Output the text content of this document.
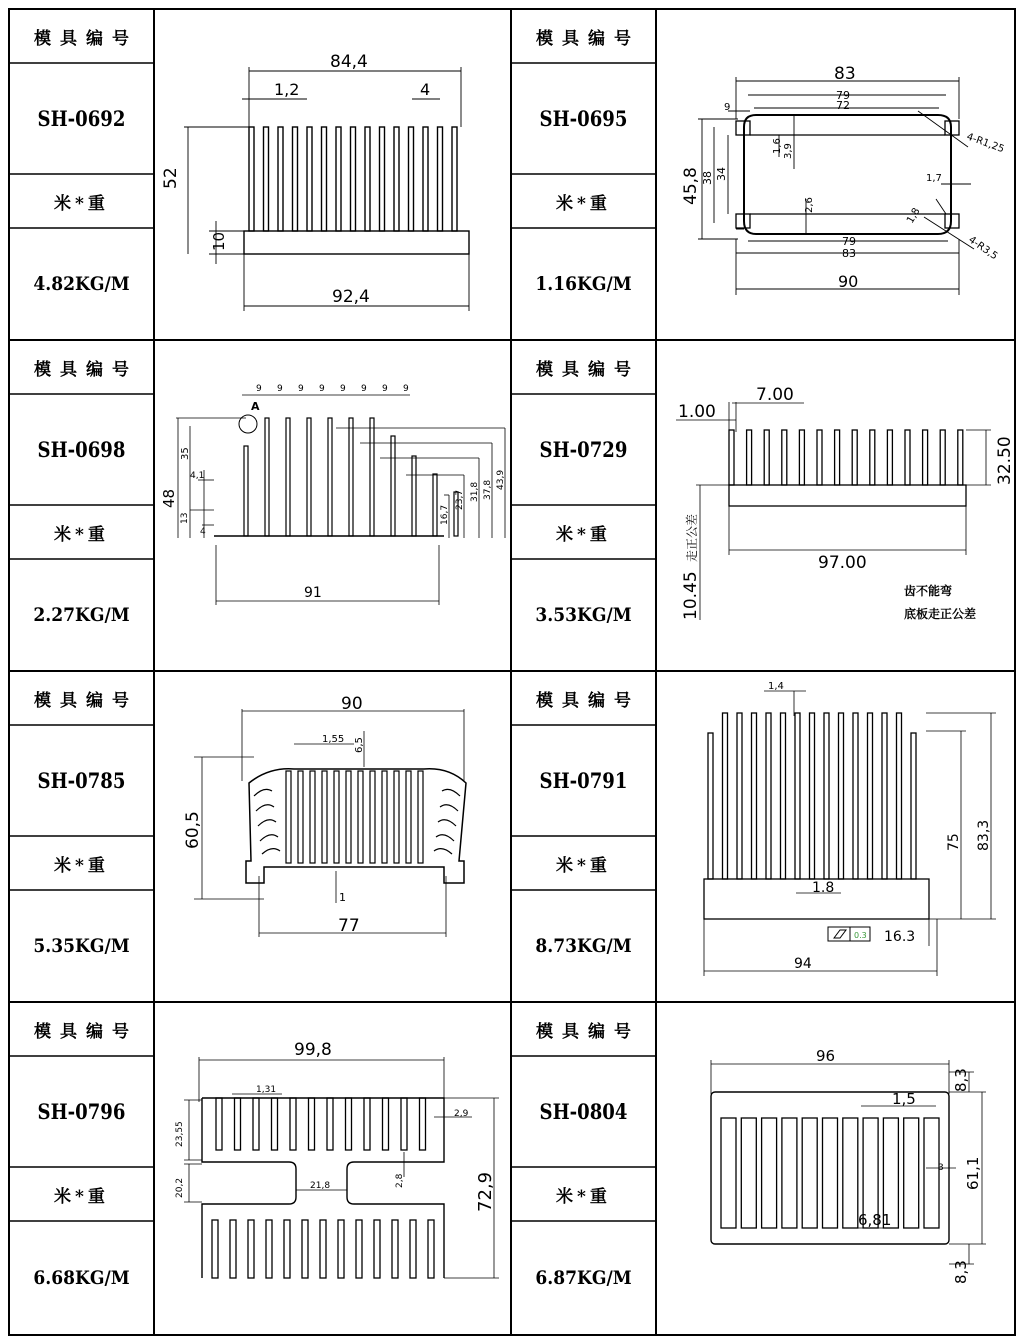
模具编号
SH-0692
米*重
4.82KG/M
模具编号
SH-0695
米*重
1.16KG/M
模具编号
SH-0698
米*重
2.27KG/M
模具编号
SH-0729
米*重
3.53KG/M
模具编号
SH-0785
米*重
5.35KG/M
模具编号
SH-0791
米*重
8.73KG/M
模具编号
SH-0796
米*重
6.68KG/M
模具编号
SH-0804
米*重
6.87KG/M
84,4
1,2	4
52
10
92,4
83
79
72
9
45,8 38 34
1,6 3,9
2,6
1,7
1,8
4-R1,25
4-R3,5
79
83
90
A
9 9 9 9 9 9 9 9
48
35
4,1
13
4
16,7
23,7 31,8 37,8 43,9
91
1.00
7.00
32.50
97.00
10.45
走正公差
齿不能弯
底板走正公差
90
1,55 6,5
60,5
1
77	0.3
1,4
75 83,3
1.8
16.3
94
99,8
1,31
23,55
2,9
20,2	21,8	2,8	72,9
96
8,3
1,5
3 61,1
6,81
8,3
